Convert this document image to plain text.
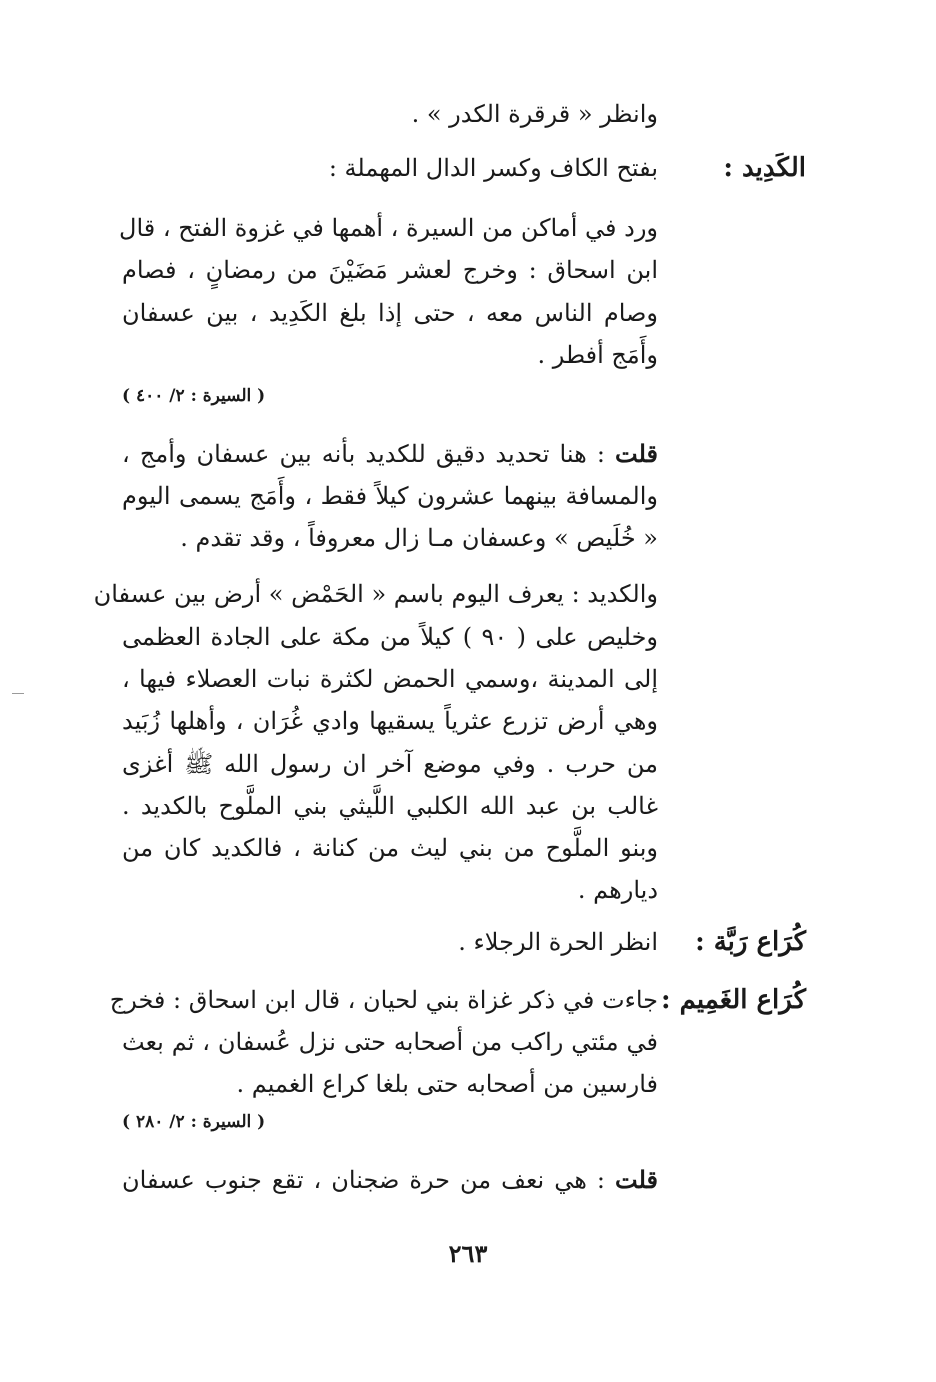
وانظر « قرقرة الكدر » .
الكَدِيد :
بفتح الكاف وكسر الدال المهملة :
ورد في أماكن من السيرة ، أهمها في غزوة الفتح ، قال
ابن اسحاق : وخرج لعشر مَضَيْنَ من رمضانٍ ، فصام
وصام الناس معه ، حتى إذا بلغ الكَدِيد ، بين عسفان
وأَمَج أفطر .
( السيرة : ٢/ ٤٠٠ )
قلت : هنا تحديد دقيق للكديد بأنه بين عسفان وأمج ،
والمسافة بينهما عشرون كيلاً فقط ، وأَمَج يسمى اليوم
« خُلَيص » وعسفان مـا زال معروفاً ، وقد تقدم .
والكديد : يعرف اليوم باسم « الحَمْض » أرض بين عسفان
وخليص على ( ٩٠ ) كيلاً من مكة على الجادة العظمى
إلى المدينة ،وسمي الحمض لكثرة نبات العصلاء فيها ،
وهي أرض تزرع عثرياً يسقيها وادي غُرَان ، وأهلها زُبَيد
من حرب . وفي موضع آخر ان رسول الله ﷺ أغزى
غالب بن عبد الله الكلبي اللَّيثي بني الملَّوح بالكديد .
وبنو الملَّوح من بني ليث من كنانة ، فالكديد كان من
ديارهم .
كُرَاع رَبَّة :
انظر الحرة الرجلاء .
كُرَاع الغَمِيم :
جاءت في ذكر غزاة بني لحيان ، قال ابن اسحاق : فخرج
في مئتي راكب من أصحابه حتى نزل عُسفان ، ثم بعث
فارسين من أصحابه حتى بلغا كراع الغميم .
( السيرة : ٢/ ٢٨٠ )
قلت : هي نعف من حرة ضجنان ، تقع جنوب عسفان
٢٦٣
